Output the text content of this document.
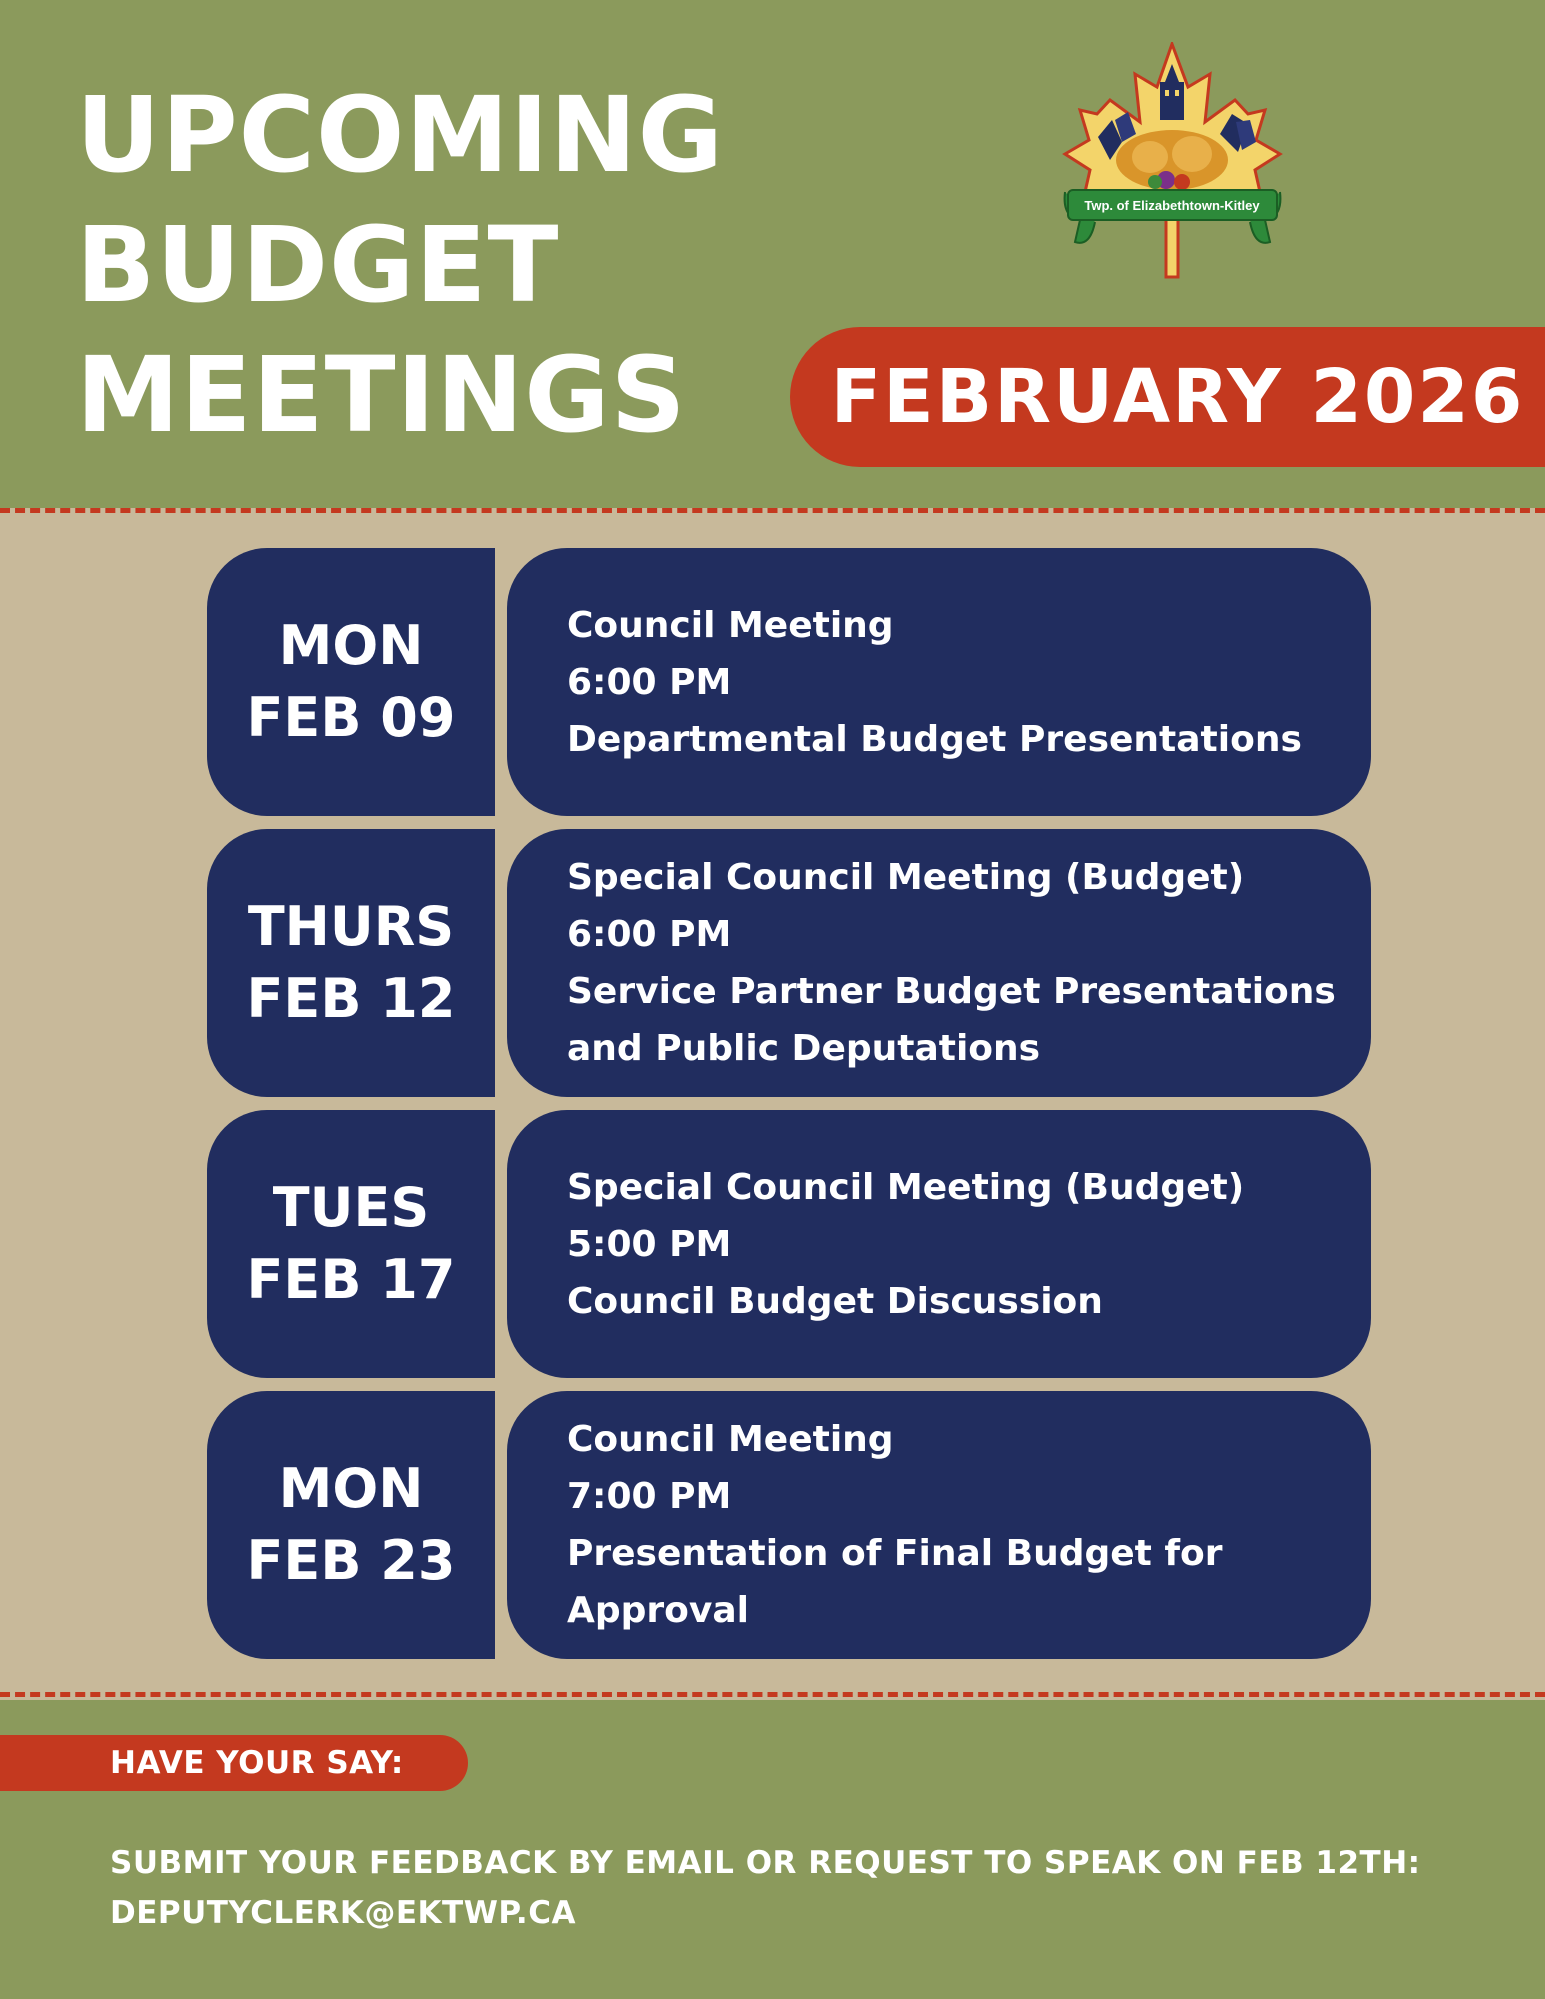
UPCOMING
BUDGET
MEETINGS
Twp. of Elizabethtown-Kitley
FEBRUARY 2026
MON
FEB 09
Council Meeting
6:00 PM
Departmental Budget Presentations
THURS
FEB 12
Special Council Meeting (Budget)
6:00 PM
Service Partner Budget Presentations
and Public Deputations
TUES
FEB 17
Special Council Meeting (Budget)
5:00 PM
Council Budget Discussion
MON
FEB 23
Council Meeting
7:00 PM
Presentation of Final Budget for
Approval
HAVE YOUR SAY:
SUBMIT YOUR FEEDBACK BY EMAIL OR REQUEST TO SPEAK ON FEB 12TH:
DEPUTYCLERK@EKTWP.CA
